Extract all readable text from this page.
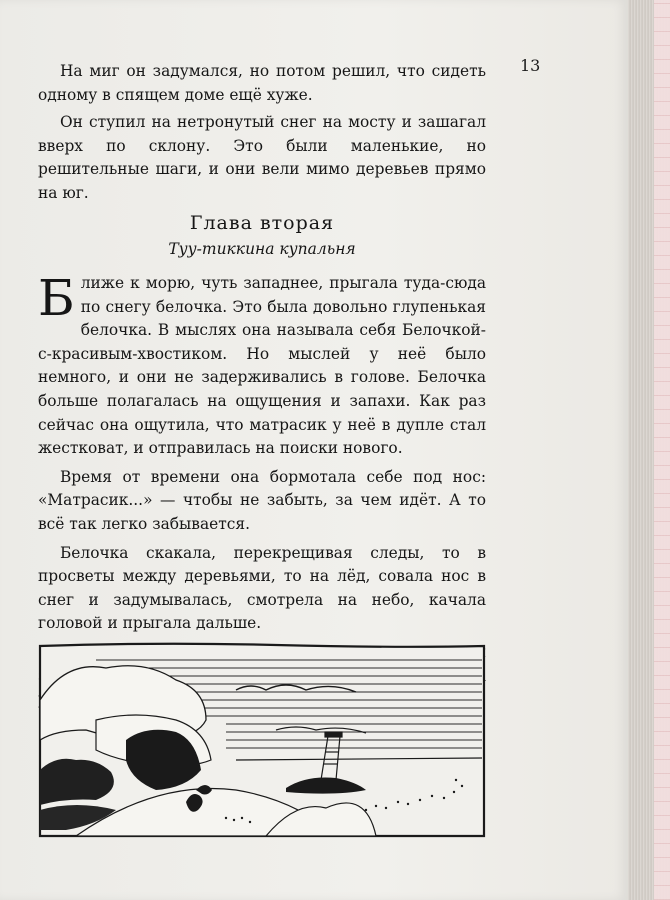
13

На миг он задумался, но потом решил, что сидеть одному в спящем доме ещё хуже.

Он ступил на нетронутый снег на мосту и зашагал вверх по склону. Это были маленькие, но решительные шаги, и они вели мимо деревьев прямо на юг.

Глава вторая
Туу-тиккина купальня

Ближе к морю, чуть западнее, прыгала туда-сюда по снегу белочка. Это была довольно глупенькая белочка. В мыслях она называла себя Белочкой-с-красивым-хвостиком. Но мыслей у неё было немного, и они не задерживались в голове. Белочка больше полагалась на ощущения и запахи. Как раз сейчас она ощутила, что матрасик у неё в дупле стал жестковат, и отправилась на поиски нового.

Время от времени она бормотала себе под нос: «Матрасик...» — чтобы не забыть, за чем идёт. А то всё так легко забывается.

Белочка скакала, перекрещивая следы, то в просветы между деревьями, то на лёд, совала нос в снег и задумывалась, смотрела на небо, качала головой и прыгала дальше.
